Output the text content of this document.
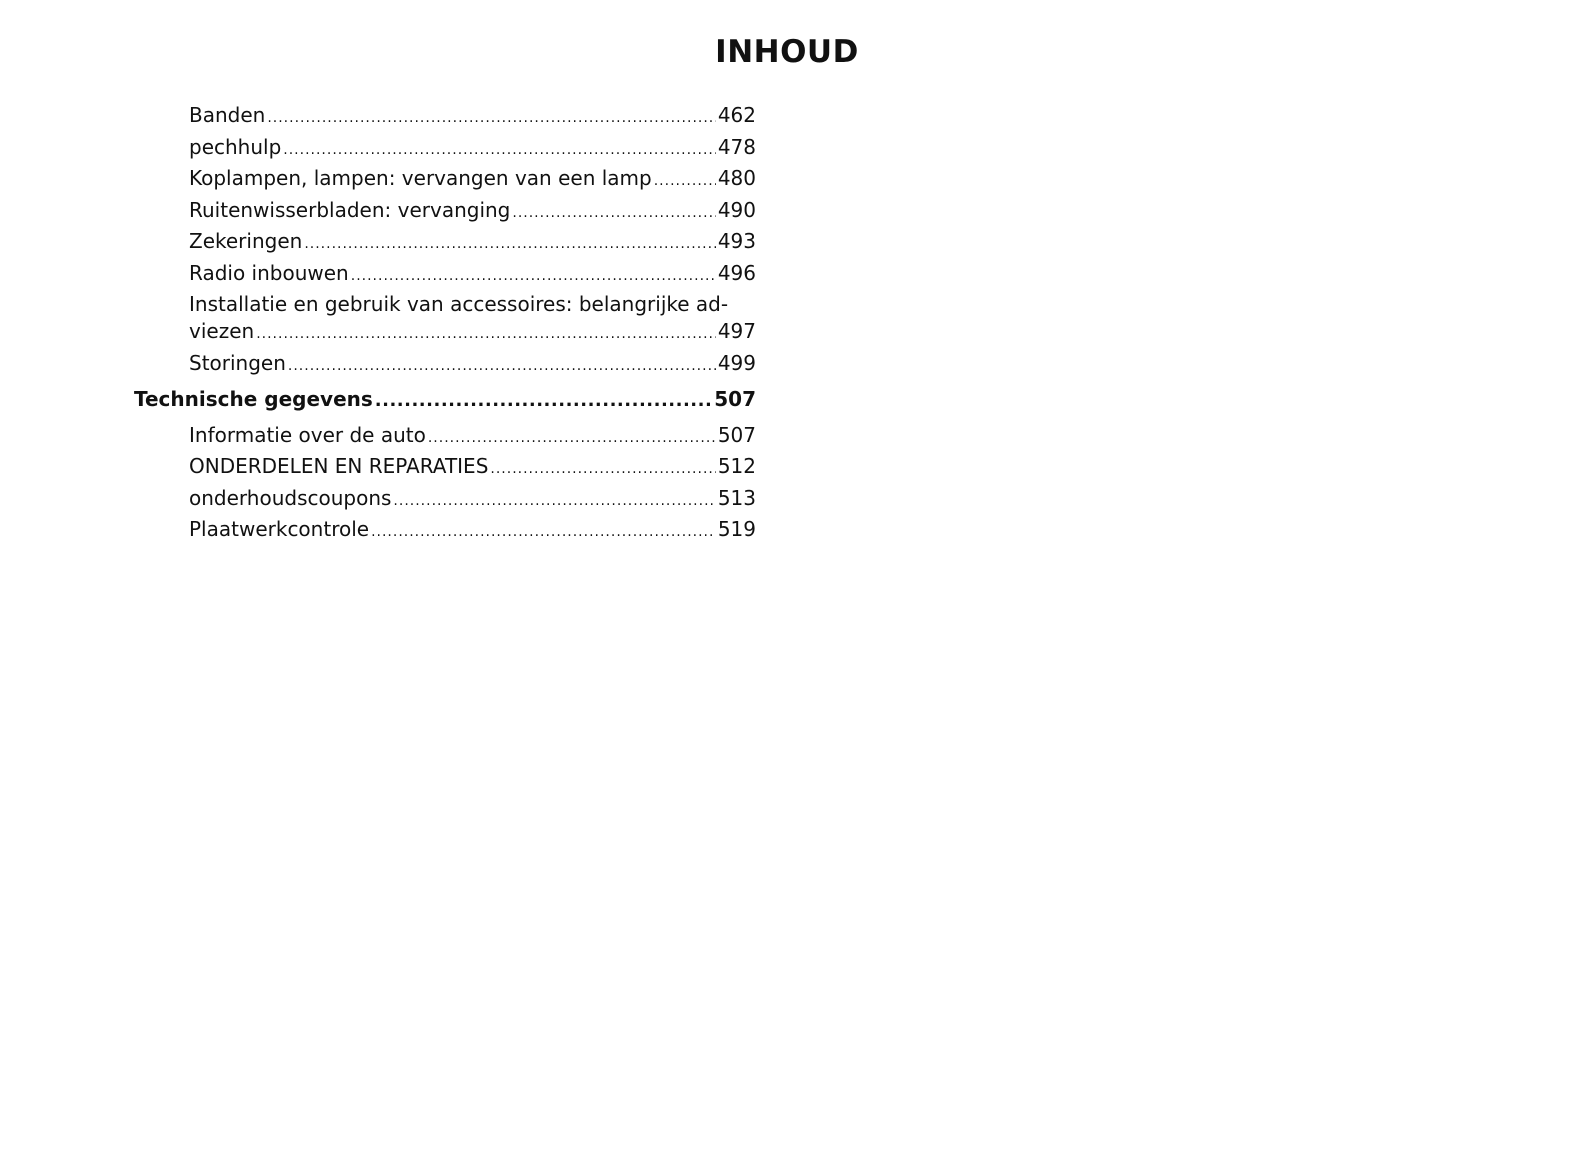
INHOUD
Banden .....	462
pechhulp .....	478
Koplampen, lampen: vervangen van een lamp .....	480
Ruitenwisserbladen: vervanging .....	490
Zekeringen .....	493
Radio inbouwen .....	496
Installatie en gebruik van accessoires: belangrijke ad-
viezen .....	497
Storingen .....	499
Technische gegevens .....	507
Informatie over de auto .....	507
ONDERDELEN EN REPARATIES .....	512
onderhoudscoupons .....	513
Plaatwerkcontrole .....	519
